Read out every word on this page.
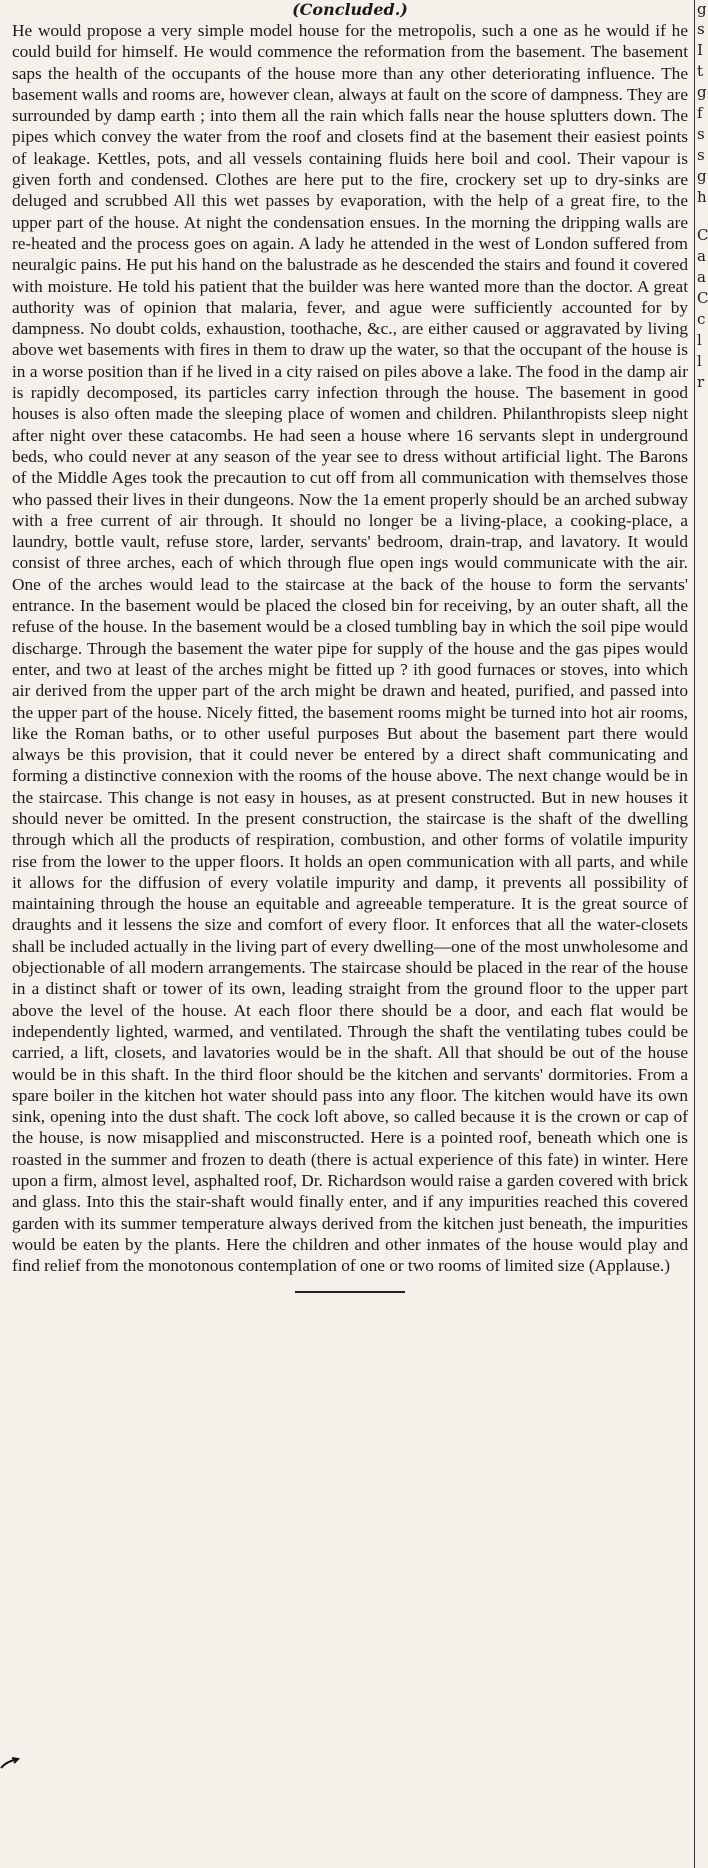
(Concluded.)

He would propose a very simple model house for the metropolis, such a one as he would if he could build for himself. He would commence the reformation from the basement. The basement saps the health of the occupants of the house more than any other deteriorating influence. The basement walls and rooms are, however clean, always at fault on the score of dampness. They are surrounded by damp earth ; into them all the rain which falls near the house splutters down. The pipes which convey the water from the roof and closets find at the basement their easiest points of leakage. Kettles, pots, and all vessels containing fluids here boil and cool. Their vapour is given forth and condensed. Clothes are here put to the fire, crockery set up to dry-sinks are deluged and scrubbed All this wet passes by evaporation, with the help of a great fire, to the upper part of the house. At night the condensation ensues. In the morning the dripping walls are re-heated and the process goes on again. A lady he attended in the west of London suffered from neuralgic pains. He put his hand on the balustrade as he descended the stairs and found it covered with moisture. He told his patient that the builder was here wanted more than the doctor. A great authority was of opinion that malaria, fever, and ague were sufficiently accounted for by dampness. No doubt colds, exhaustion, toothache, &c., are either caused or aggravated by living above wet basements with fires in them to draw up the water, so that the occupant of the house is in a worse position than if he lived in a city raised on piles above a lake. The food in the damp air is rapidly decomposed, its particles carry infection through the house. The basement in good houses is also often made the sleeping place of women and children. Philanthropists sleep night after night over these catacombs. He had seen a house where 16 servants slept in underground beds, who could never at any season of the year see to dress without artificial light. The Barons of the Middle Ages took the precaution to cut off from all communication with themselves those who passed their lives in their dungeons. Now the 1a ement properly should be an arched subway with a free current of air through. It should no longer be a living-place, a cooking-place, a laundry, bottle vault, refuse store, larder, servants' bedroom, drain-trap, and lavatory. It would consist of three arches, each of which through flue open ings would communicate with the air. One of the arches would lead to the staircase at the back of the house to form the servants' entrance. In the basement would be placed the closed bin for receiving, by an outer shaft, all the refuse of the house. In the basement would be a closed tumbling bay in which the soil pipe would discharge. Through the basement the water pipe for supply of the house and the gas pipes would enter, and two at least of the arches might be fitted up ? ith good furnaces or stoves, into which air derived from the upper part of the arch might be drawn and heated, purified, and passed into the upper part of the house. Nicely fitted, the basement rooms might be turned into hot air rooms, like the Roman baths, or to other useful purposes But about the basement part there would always be this provision, that it could never be entered by a direct shaft communicating and forming a distinctive connexion with the rooms of the house above. The next change would be in the staircase. This change is not easy in houses, as at present constructed. But in new houses it should never be omitted. In the present construction, the staircase is the shaft of the dwelling through which all the products of respiration, combustion, and other forms of volatile impurity rise from the lower to the upper floors. It holds an open communication with all parts, and while it allows for the diffusion of every volatile impurity and damp, it prevents all possibility of maintaining through the house an equitable and agreeable temperature. It is the great source of draughts and it lessens the size and comfort of every floor. It enforces that all the water-closets shall be included actually in the living part of every dwelling—one of the most unwholesome and objectionable of all modern arrangements. The staircase should be placed in the rear of the house in a distinct shaft or tower of its own, leading straight from the ground floor to the upper part above the level of the house. At each floor there should be a door, and each flat would be independently lighted, warmed, and ventilated. Through the shaft the ventilating tubes could be carried, a lift, closets, and lavatories would be in the shaft. All that should be out of the house would be in this shaft. In the third floor should be the kitchen and servants' dormitories. From a spare boiler in the kitchen hot water should pass into any floor. The kitchen would have its own sink, opening into the dust shaft. The cock loft above, so called because it is the crown or cap of the house, is now misapplied and misconstructed. Here is a pointed roof, beneath which one is roasted in the summer and frozen to death (there is actual experience of this fate) in winter. Here upon a firm, almost level, asphalted roof, Dr. Richardson would raise a garden covered with brick and glass. Into this the stair-shaft would finally enter, and if any impurities reached this covered garden with its summer temperature always derived from the kitchen just beneath, the impurities would be eaten by the plants. Here the children and other inmates of the house would play and find relief from the monotonous contemplation of one or two rooms of limited size (Applause.)

g
s
I
t
g
f
s
s
g
h
C
a
a
C
c
l
l
r
